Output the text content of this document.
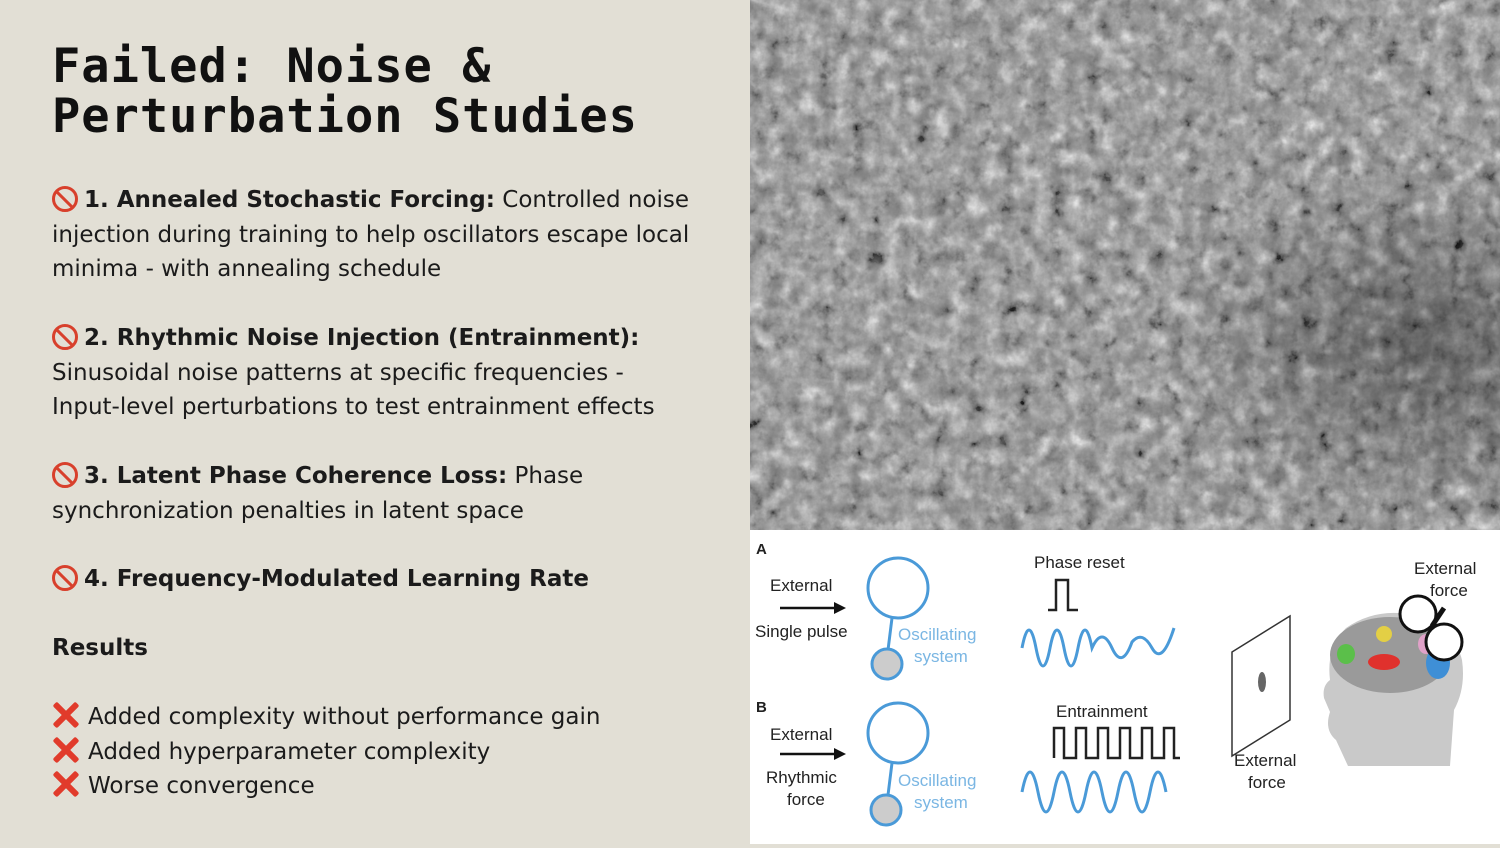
Failed: Noise &
Perturbation Studies
1. Annealed Stochastic Forcing: Controlled noise injection during training to help oscillators escape local minima - with annealing schedule
2. Rhythmic Noise Injection (Entrainment): Sinusoidal noise patterns at specific frequencies - Input-level perturbations to test entrainment effects
3. Latent Phase Coherence Loss: Phase synchronization penalties in latent space
4. Frequency-Modulated Learning Rate
Results
Added complexity without performance gain
Added hyperparameter complexity
Worse convergence
A
External
Single pulse	Oscillating
system
Phase reset
B
External
Rhythmic
force
Oscillating
system
Entrainment
External
force
External
force
